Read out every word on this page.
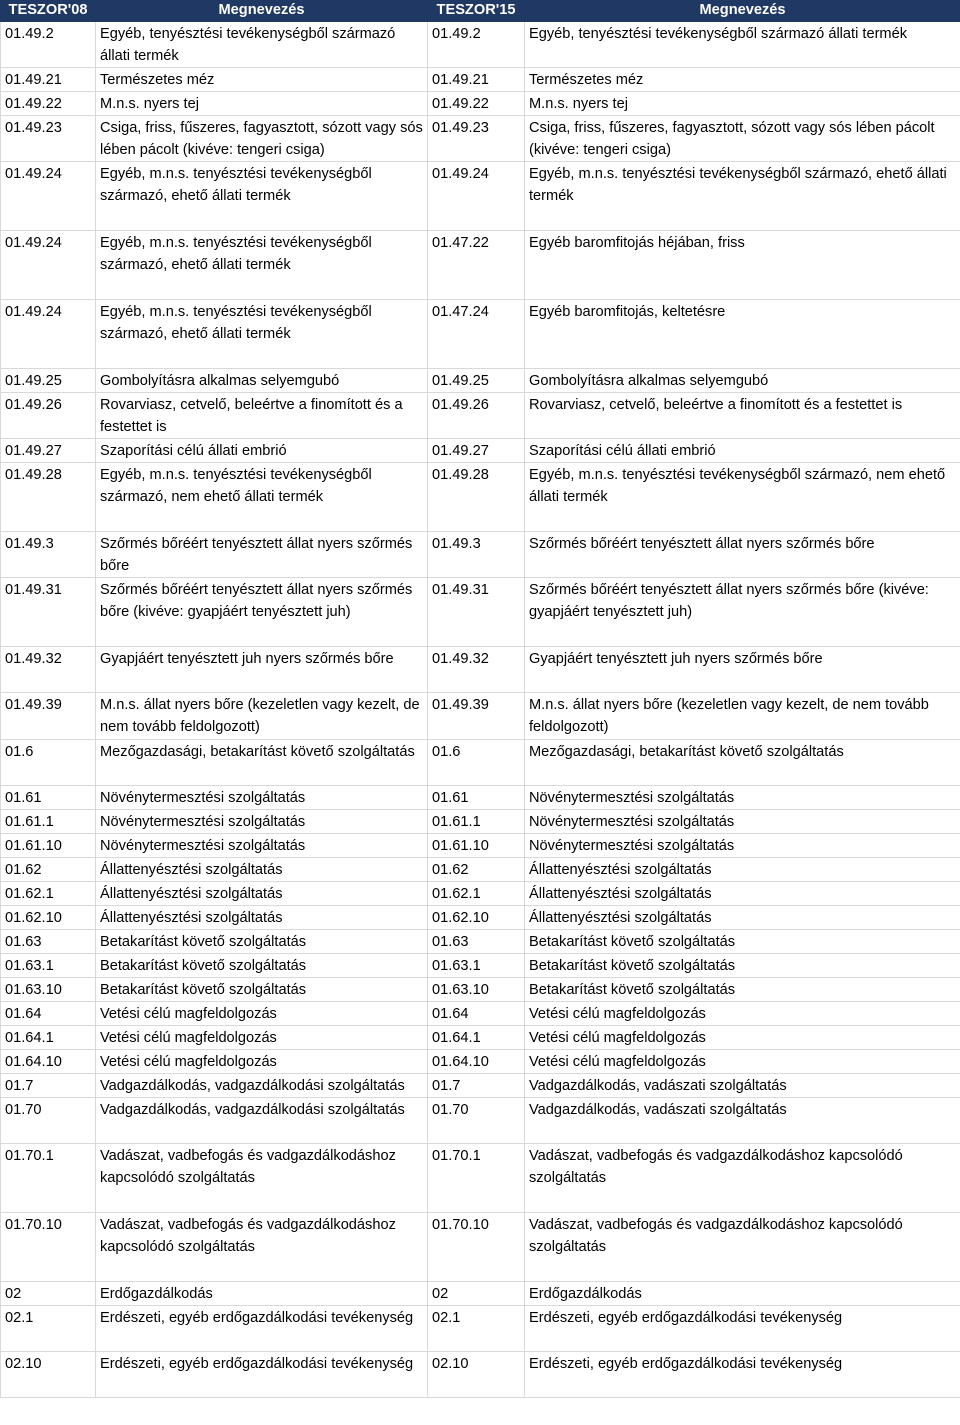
TESZOR'08	Megnevezés	TESZOR'15	Megnevezés
01.49.2	Egyéb, tenyésztési tevékenységből származó állati termék	01.49.2	Egyéb, tenyésztési tevékenységből származó állati termék
01.49.21	Természetes méz	01.49.21	Természetes méz
01.49.22	M.n.s. nyers tej	01.49.22	M.n.s. nyers tej
01.49.23	Csiga, friss, fűszeres, fagyasztott, sózott vagy sós lében pácolt (kivéve: tengeri csiga)	01.49.23	Csiga, friss, fűszeres, fagyasztott, sózott vagy sós lében pácolt (kivéve: tengeri csiga)
01.49.24	Egyéb, m.n.s. tenyésztési tevékenységből származó, ehető állati termék	01.49.24	Egyéb, m.n.s. tenyésztési tevékenységből származó, ehető állati termék
01.49.24	Egyéb, m.n.s. tenyésztési tevékenységből származó, ehető állati termék	01.47.22	Egyéb baromfitojás héjában, friss
01.49.24	Egyéb, m.n.s. tenyésztési tevékenységből származó, ehető állati termék	01.47.24	Egyéb baromfitojás, keltetésre
01.49.25	Gombolyításra alkalmas selyemgubó	01.49.25	Gombolyításra alkalmas selyemgubó
01.49.26	Rovarviasz, cetvelő, beleértve a finomított és a festettet is	01.49.26	Rovarviasz, cetvelő, beleértve a finomított és a festettet is
01.49.27	Szaporítási célú állati embrió	01.49.27	Szaporítási célú állati embrió
01.49.28	Egyéb, m.n.s. tenyésztési tevékenységből származó, nem ehető állati termék	01.49.28	Egyéb, m.n.s. tenyésztési tevékenységből származó, nem ehető állati termék
01.49.3	Szőrmés bőréért tenyésztett állat nyers szőrmés bőre	01.49.3	Szőrmés bőréért tenyésztett állat nyers szőrmés bőre
01.49.31	Szőrmés bőréért tenyésztett állat nyers szőrmés bőre (kivéve: gyapjáért tenyésztett juh)	01.49.31	Szőrmés bőréért tenyésztett állat nyers szőrmés bőre (kivéve: gyapjáért tenyésztett juh)
01.49.32	Gyapjáért tenyésztett juh nyers szőrmés bőre	01.49.32	Gyapjáért tenyésztett juh nyers szőrmés bőre
01.49.39	M.n.s. állat nyers bőre (kezeletlen vagy kezelt, de nem tovább feldolgozott)	01.49.39	M.n.s. állat nyers bőre (kezeletlen vagy kezelt, de nem tovább feldolgozott)
01.6	Mezőgazdasági, betakarítást követő szolgáltatás	01.6	Mezőgazdasági, betakarítást követő szolgáltatás
01.61	Növénytermesztési szolgáltatás	01.61	Növénytermesztési szolgáltatás
01.61.1	Növénytermesztési szolgáltatás	01.61.1	Növénytermesztési szolgáltatás
01.61.10	Növénytermesztési szolgáltatás	01.61.10	Növénytermesztési szolgáltatás
01.62	Állattenyésztési szolgáltatás	01.62	Állattenyésztési szolgáltatás
01.62.1	Állattenyésztési szolgáltatás	01.62.1	Állattenyésztési szolgáltatás
01.62.10	Állattenyésztési szolgáltatás	01.62.10	Állattenyésztési szolgáltatás
01.63	Betakarítást követő szolgáltatás	01.63	Betakarítást követő szolgáltatás
01.63.1	Betakarítást követő szolgáltatás	01.63.1	Betakarítást követő szolgáltatás
01.63.10	Betakarítást követő szolgáltatás	01.63.10	Betakarítást követő szolgáltatás
01.64	Vetési célú magfeldolgozás	01.64	Vetési célú magfeldolgozás
01.64.1	Vetési célú magfeldolgozás	01.64.1	Vetési célú magfeldolgozás
01.64.10	Vetési célú magfeldolgozás	01.64.10	Vetési célú magfeldolgozás
01.7	Vadgazdálkodás, vadgazdálkodási szolgáltatás	01.7	Vadgazdálkodás, vadászati szolgáltatás
01.70	Vadgazdálkodás, vadgazdálkodási szolgáltatás	01.70	Vadgazdálkodás, vadászati szolgáltatás
01.70.1	Vadászat, vadbefogás és vadgazdálkodáshoz kapcsolódó szolgáltatás	01.70.1	Vadászat, vadbefogás és vadgazdálkodáshoz kapcsolódó szolgáltatás
01.70.10	Vadászat, vadbefogás és vadgazdálkodáshoz kapcsolódó szolgáltatás	01.70.10	Vadászat, vadbefogás és vadgazdálkodáshoz kapcsolódó szolgáltatás
02	Erdőgazdálkodás	02	Erdőgazdálkodás
02.1	Erdészeti, egyéb erdőgazdálkodási tevékenység	02.1	Erdészeti, egyéb erdőgazdálkodási tevékenység
02.10	Erdészeti, egyéb erdőgazdálkodási tevékenység	02.10	Erdészeti, egyéb erdőgazdálkodási tevékenység
